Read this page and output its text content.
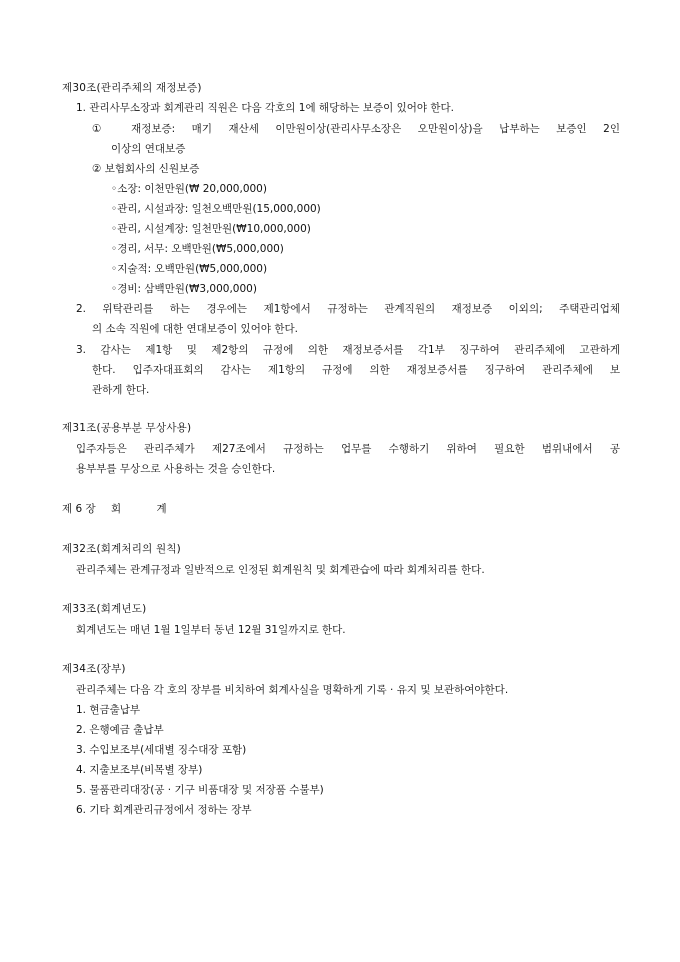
제30조(관리주체의 재정보증)
1. 관리사무소장과 회계관리 직원은 다음 각호의 1에 해당하는 보증이 있어야 한다.
① 재정보증: 매기 재산세 이만원이상(관리사무소장은 오만원이상)을 납부하는 보증인 2인
이상의 연대보증
② 보험회사의 신원보증
◦소장: 이천만원(₩ 20,000,000)
◦관리, 시설과장: 일천오백만원(15,000,000)
◦관리, 시설계장: 일천만원(₩10,000,000)
◦경리, 서무: 오백만원(₩5,000,000)
◦지술적: 오백만원(₩5,000,000)
◦경비: 삼백만원(₩3,000,000)
2. 위탁관리를 하는 경우에는 제1항에서 규정하는 관계직원의 재정보증 이외의; 주택관리업체
의 소속 직원에 대한 연대보증이 있어야 한다.
3. 감사는 제1항 및 제2항의 규정에 의한 재정보증서를 각1부 징구하여 관리주체에 고관하게
한다. 입주자대표회의 감사는 제1항의 규정에 의한 재정보증서를 징구하여 관리주체에 보
관하게 한다.
제31조(공용부분 무상사용)
입주자등은 관리주체가 제27조에서 규정하는 업무를 수행하기 위하여 필요한 범위내에서 공
용부부를 무상으로 사용하는 것을 승인한다.
제 6 장 회	계
제32조(회계처리의 원칙)
관리주체는 관계규정과 일반적으로 인정된 회계원칙 및 회계관습에 따라 회계처리를 한다.
제33조(회계년도)
회계년도는 매년 1월 1일부터 동년 12월 31일까지로 한다.
제34조(장부)
관리주체는 다음 각 호의 장부를 비치하여 회계사실을 명확하게 기록 · 유지 및 보관하여야한다.
1. 현금출납부
2. 은행예금 출납부
3. 수입보조부(세대별 징수대장 포함)
4. 지출보조부(비목별 장부)
5. 물품관리대장(공 · 기구 비품대장 및 저장품 수불부)
6. 기타 회계관리규정에서 정하는 장부
